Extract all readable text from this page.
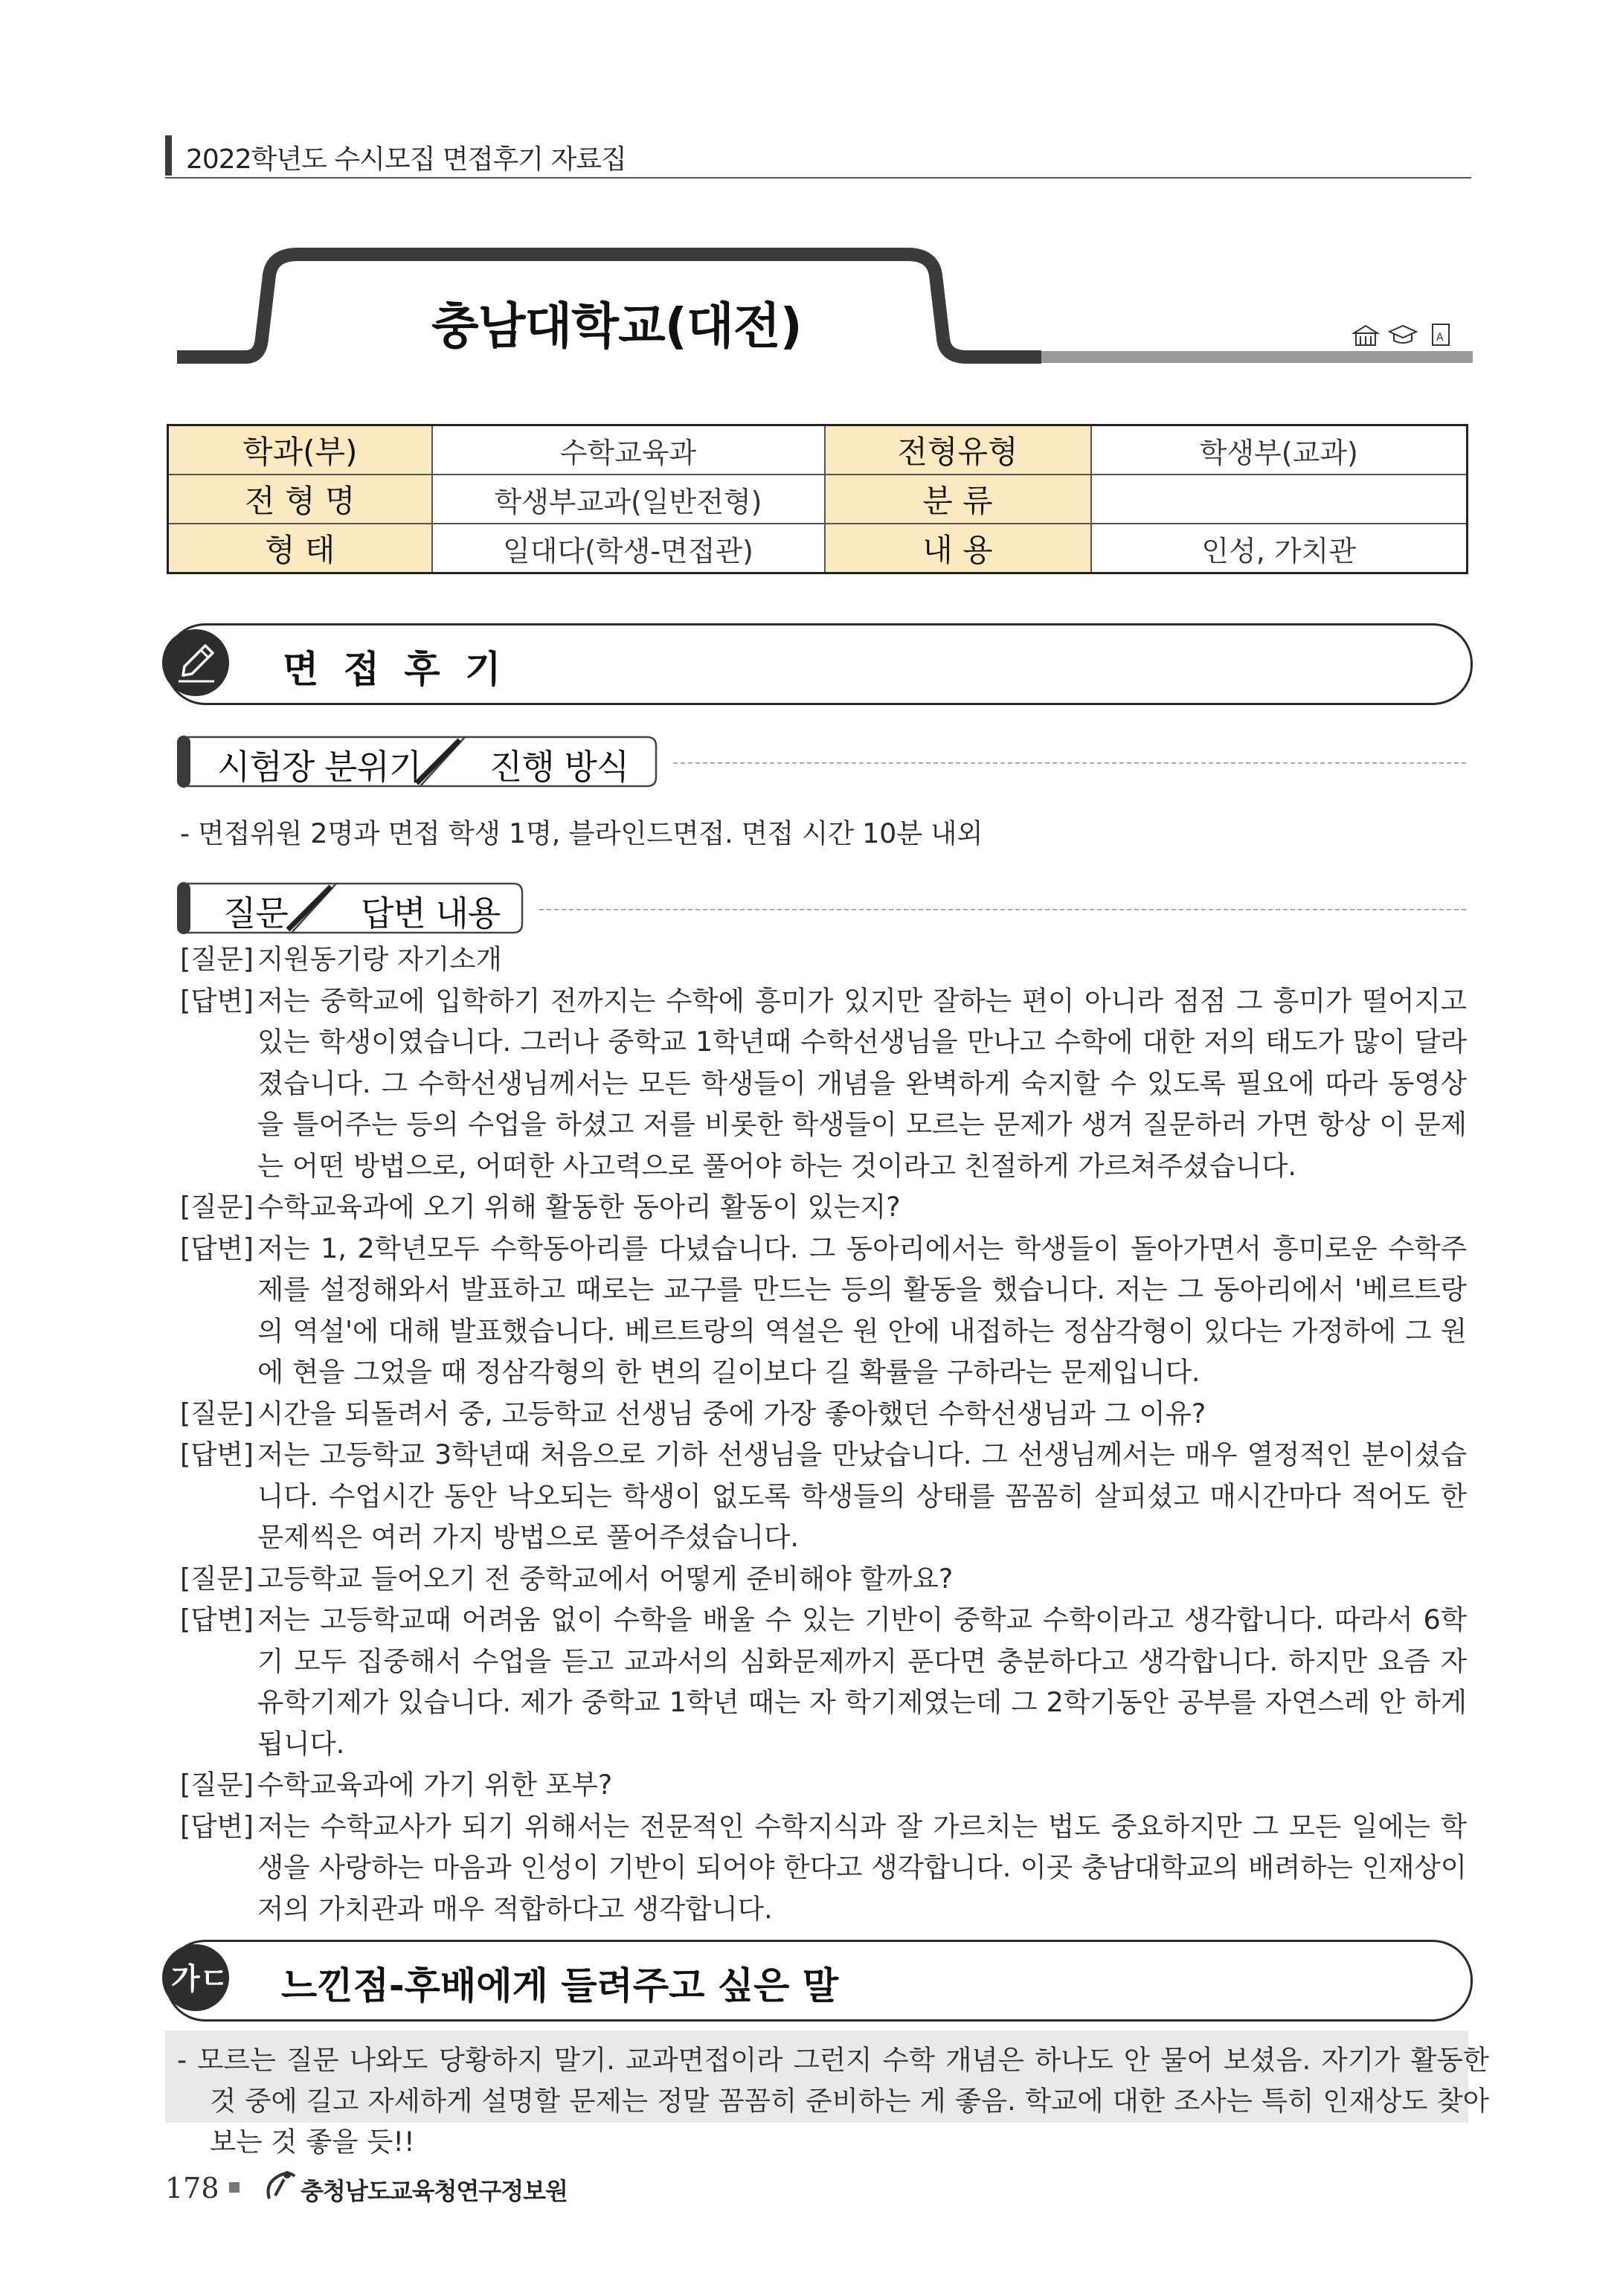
2022학년도 수시모집 면접후기 자료집
충남대학교(대전)	A
학과(부)	수학교육과	전형유형	학생부(교과)
전 형 명	학생부교과(일반전형)	분 류	
형 태	일대다(학생-면접관)	내 용	인성, 가치관
면 접 후 기
시험장 분위기 진행 방식
- 면접위원 2명과 면접 학생 1명, 블라인드면접. 면접 시간 10분 내외
질문 답변 내용
[질문] 지원동기랑 자기소개
[답변] 저는 중학교에 입학하기 전까지는 수학에 흥미가 있지만 잘하는 편이 아니라 점점 그 흥미가 떨어지고 있는 학생이였습니다. 그러나 중학교 1학년때 수학선생님을 만나고 수학에 대한 저의 태도가 많이 달라졌습니다. 그 수학선생님께서는 모든 학생들이 개념을 완벽하게 숙지할 수 있도록 필요에 따라 동영상을 틀어주는 등의 수업을 하셨고 저를 비롯한 학생들이 모르는 문제가 생겨 질문하러 가면 항상 이 문제는 어떤 방법으로, 어떠한 사고력으로 풀어야 하는 것이라고 친절하게 가르쳐주셨습니다.
[질문] 수학교육과에 오기 위해 활동한 동아리 활동이 있는지?
[답변] 저는 1, 2학년모두 수학동아리를 다녔습니다. 그 동아리에서는 학생들이 돌아가면서 흥미로운 수학주제를 설정해와서 발표하고 때로는 교구를 만드는 등의 활동을 했습니다. 저는 그 동아리에서 '베르트랑의 역설'에 대해 발표했습니다. 베르트랑의 역설은 원 안에 내접하는 정삼각형이 있다는 가정하에 그 원에 현을 그었을 때 정삼각형의 한 변의 길이보다 길 확률을 구하라는 문제입니다.
[질문] 시간을 되돌려서 중, 고등학교 선생님 중에 가장 좋아했던 수학선생님과 그 이유?
[답변] 저는 고등학교 3학년때 처음으로 기하 선생님을 만났습니다. 그 선생님께서는 매우 열정적인 분이셨습니다. 수업시간 동안 낙오되는 학생이 없도록 학생들의 상태를 꼼꼼히 살피셨고 매시간마다 적어도 한 문제씩은 여러 가지 방법으로 풀어주셨습니다.
[질문] 고등학교 들어오기 전 중학교에서 어떻게 준비해야 할까요?
[답변] 저는 고등학교때 어려움 없이 수학을 배울 수 있는 기반이 중학교 수학이라고 생각합니다. 따라서 6학기 모두 집중해서 수업을 듣고 교과서의 심화문제까지 푼다면 충분하다고 생각합니다. 하지만 요즘 자유학기제가 있습니다. 제가 중학교 1학년 때는 자 학기제였는데 그 2학기동안 공부를 자연스레 안 하게 됩니다.
[질문] 수학교육과에 가기 위한 포부?
[답변] 저는 수학교사가 되기 위해서는 전문적인 수학지식과 잘 가르치는 법도 중요하지만 그 모든 일에는 학생을 사랑하는 마음과 인성이 기반이 되어야 한다고 생각합니다. 이곳 충남대학교의 배려하는 인재상이 저의 가치관과 매우 적합하다고 생각합니다.
가ㄷ 느낀점-후배에게 들려주고 싶은 말
- 모르는 질문 나와도 당황하지 말기. 교과면접이라 그런지 수학 개념은 하나도 안 물어 보셨음. 자기가 활동한 것 중에 길고 자세하게 설명할 문제는 정말 꼼꼼히 준비하는 게 좋음. 학교에 대한 조사는 특히 인재상도 찾아보는 것 좋을 듯!!
178	충청남도교육청연구정보원
